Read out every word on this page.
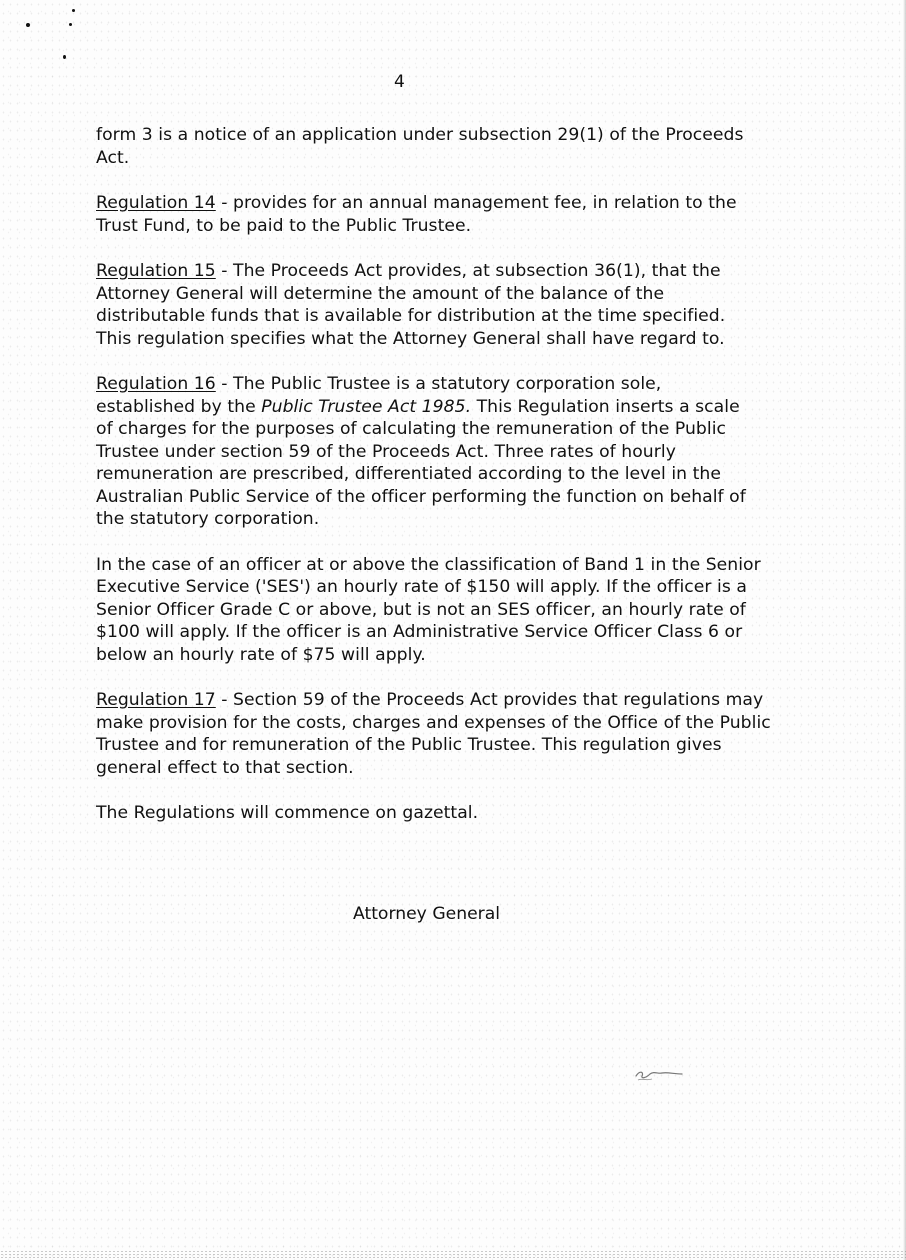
4

form 3 is a notice of an application under subsection 29(1) of the Proceeds
Act.

Regulation 14 - provides for an annual management fee, in relation to the
Trust Fund, to be paid to the Public Trustee.

Regulation 15 - The Proceeds Act provides, at subsection 36(1), that the
Attorney General will determine the amount of the balance of the
distributable funds that is available for distribution at the time specified.
This regulation specifies what the Attorney General shall have regard to.

Regulation 16 - The Public Trustee is a statutory corporation sole,
established by the Public Trustee Act 1985. This Regulation inserts a scale
of charges for the purposes of calculating the remuneration of the Public
Trustee under section 59 of the Proceeds Act. Three rates of hourly
remuneration are prescribed, differentiated according to the level in the
Australian Public Service of the officer performing the function on behalf of
the statutory corporation.

In the case of an officer at or above the classification of Band 1 in the Senior
Executive Service ('SES') an hourly rate of $150 will apply. If the officer is a
Senior Officer Grade C or above, but is not an SES officer, an hourly rate of
$100 will apply. If the officer is an Administrative Service Officer Class 6 or
below an hourly rate of $75 will apply.

Regulation 17 - Section 59 of the Proceeds Act provides that regulations may
make provision for the costs, charges and expenses of the Office of the Public
Trustee and for remuneration of the Public Trustee. This regulation gives
general effect to that section.

The Regulations will commence on gazettal.

Attorney General
